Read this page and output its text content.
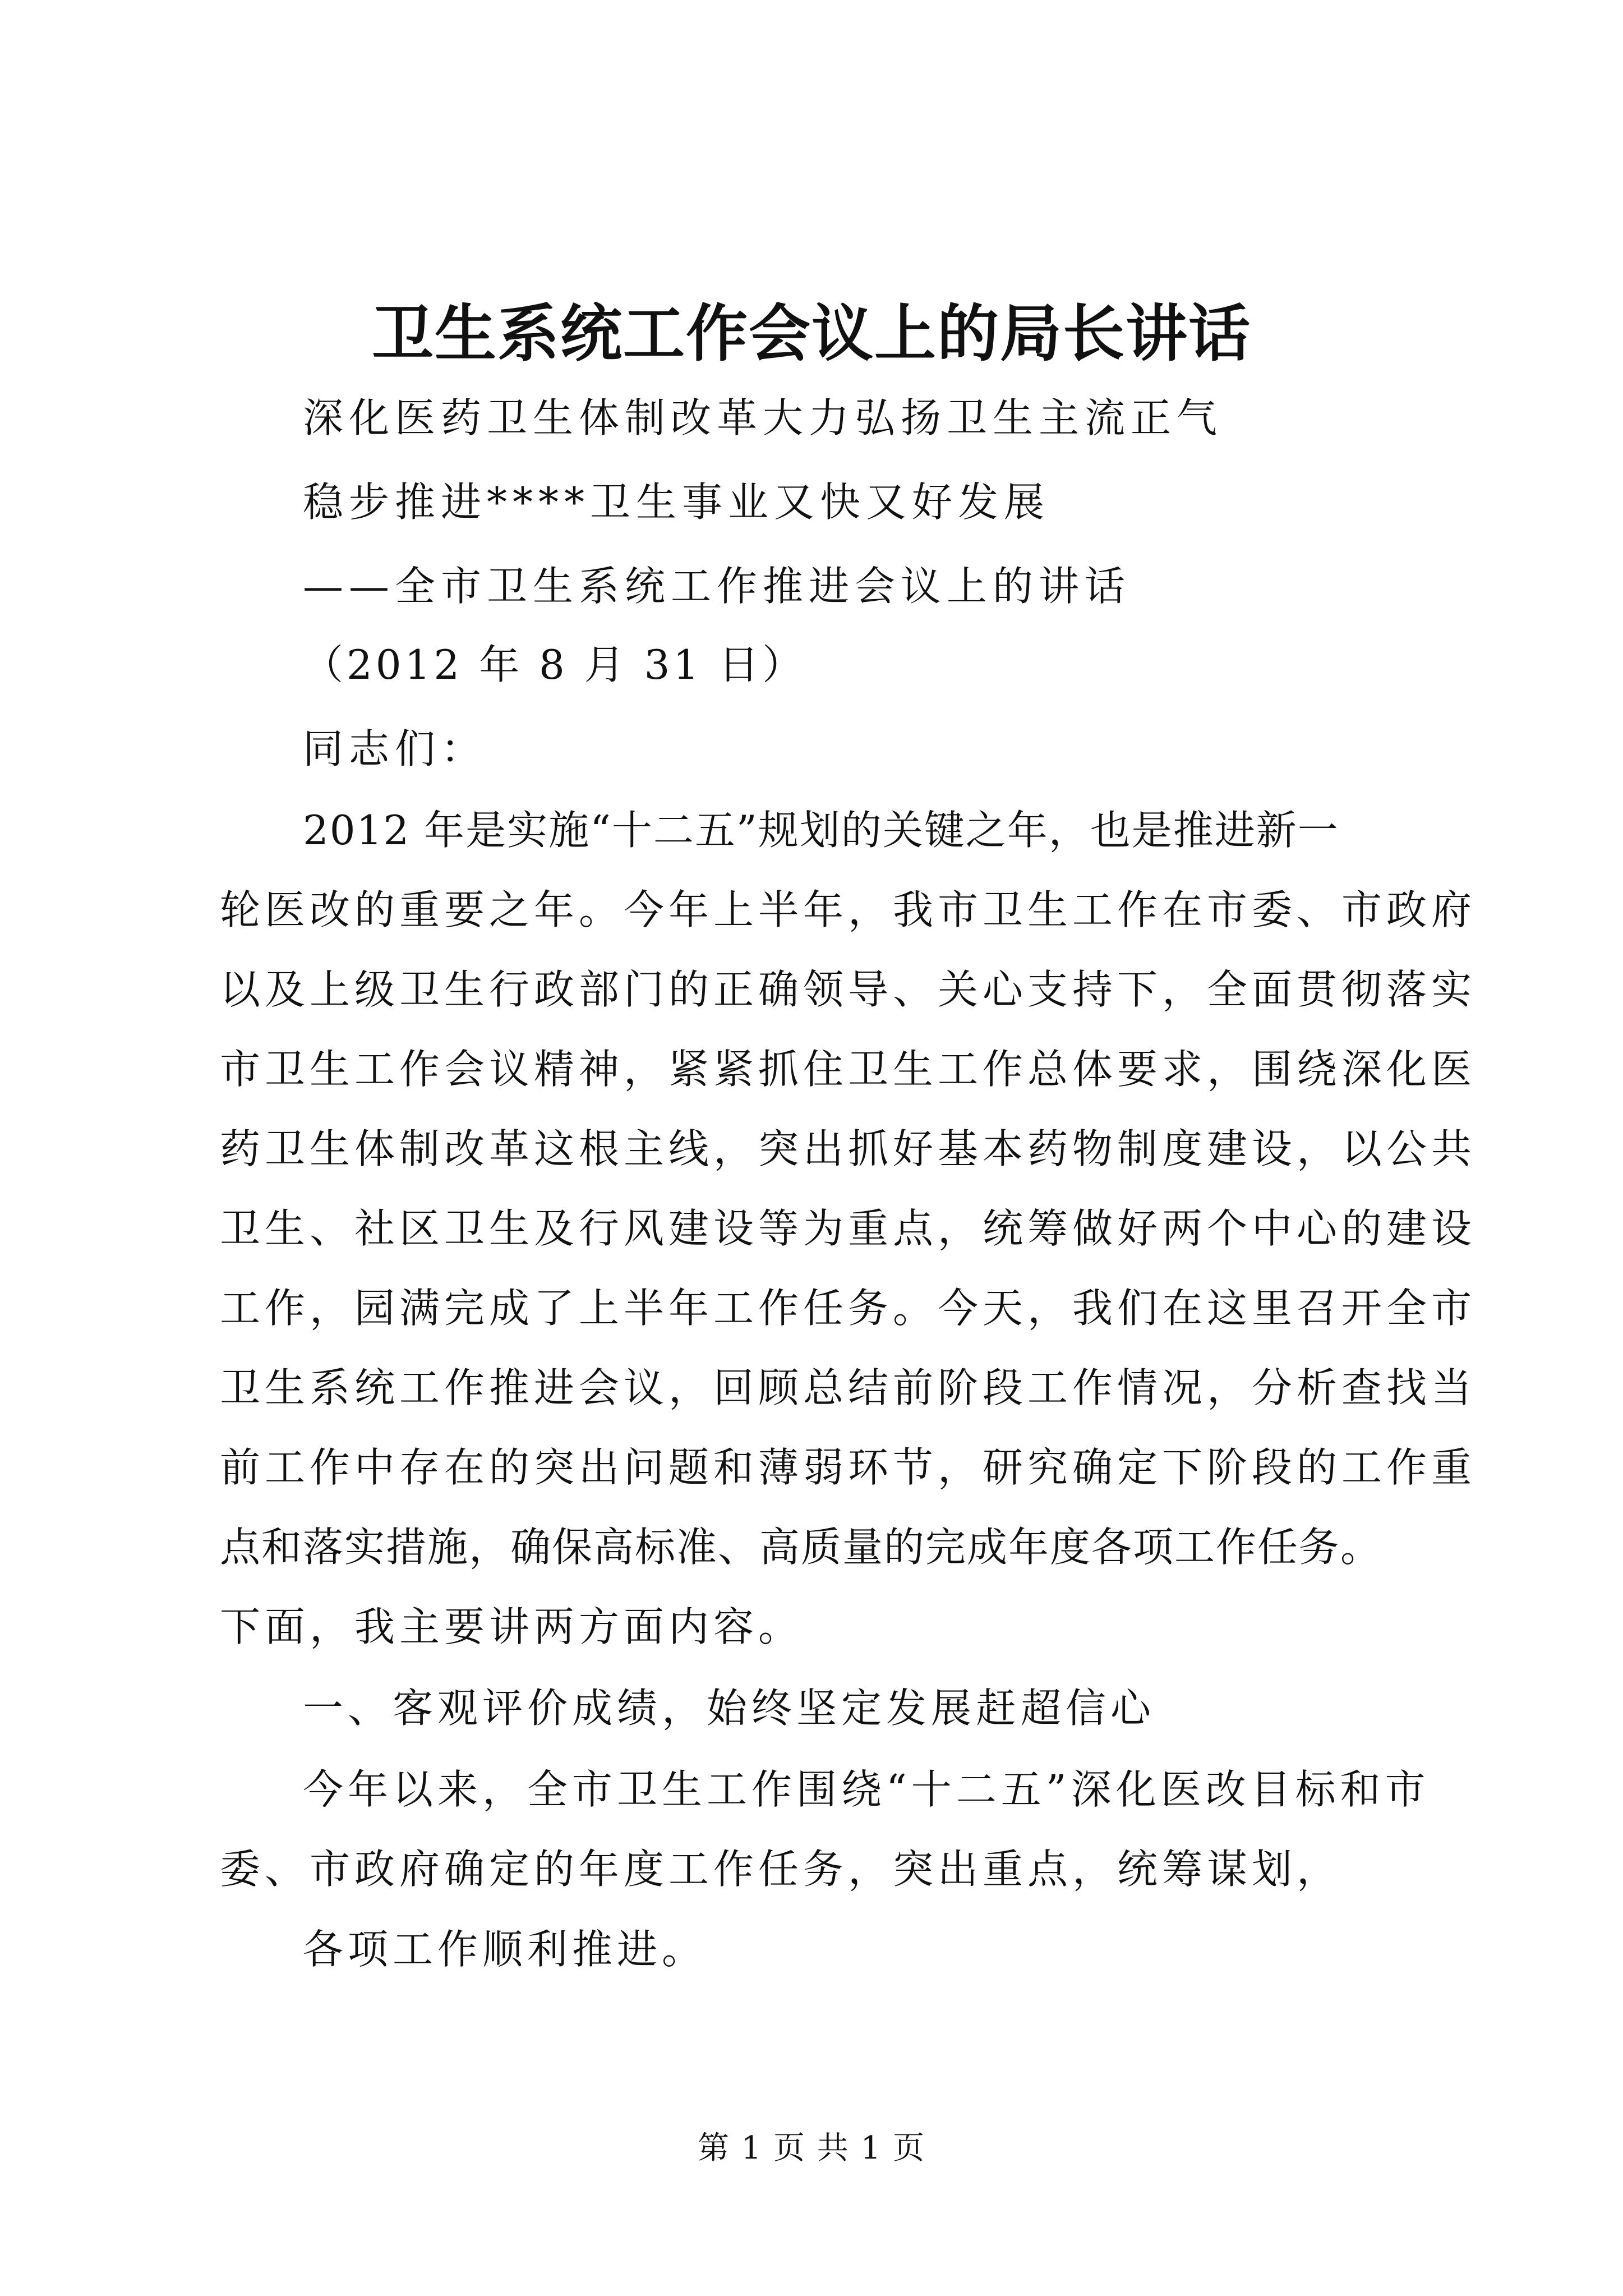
卫生系统工作会议上的局长讲话
深化医药卫生体制改革大力弘扬卫生主流正气
稳步推进****卫生事业又快又好发展
——全市卫生系统工作推进会议上的讲话
（2012 年 8 月 31 日）
同志们：
2012 年是实施“十二五”规划的关键之年，也是推进新一
轮医改的重要之年。今年上半年，我市卫生工作在市委、市政府
以及上级卫生行政部门的正确领导、关心支持下，全面贯彻落实
市卫生工作会议精神，紧紧抓住卫生工作总体要求，围绕深化医
药卫生体制改革这根主线，突出抓好基本药物制度建设，以公共
卫生、社区卫生及行风建设等为重点，统筹做好两个中心的建设
工作，园满完成了上半年工作任务。今天，我们在这里召开全市
卫生系统工作推进会议，回顾总结前阶段工作情况，分析查找当
前工作中存在的突出问题和薄弱环节，研究确定下阶段的工作重
点和落实措施，确保高标准、高质量的完成年度各项工作任务。
下面，我主要讲两方面内容。
一、客观评价成绩，始终坚定发展赶超信心
今年以来，全市卫生工作围绕“十二五”深化医改目标和市
委、市政府确定的年度工作任务，突出重点，统筹谋划，
各项工作顺利推进。
第 1 页 共 1 页
